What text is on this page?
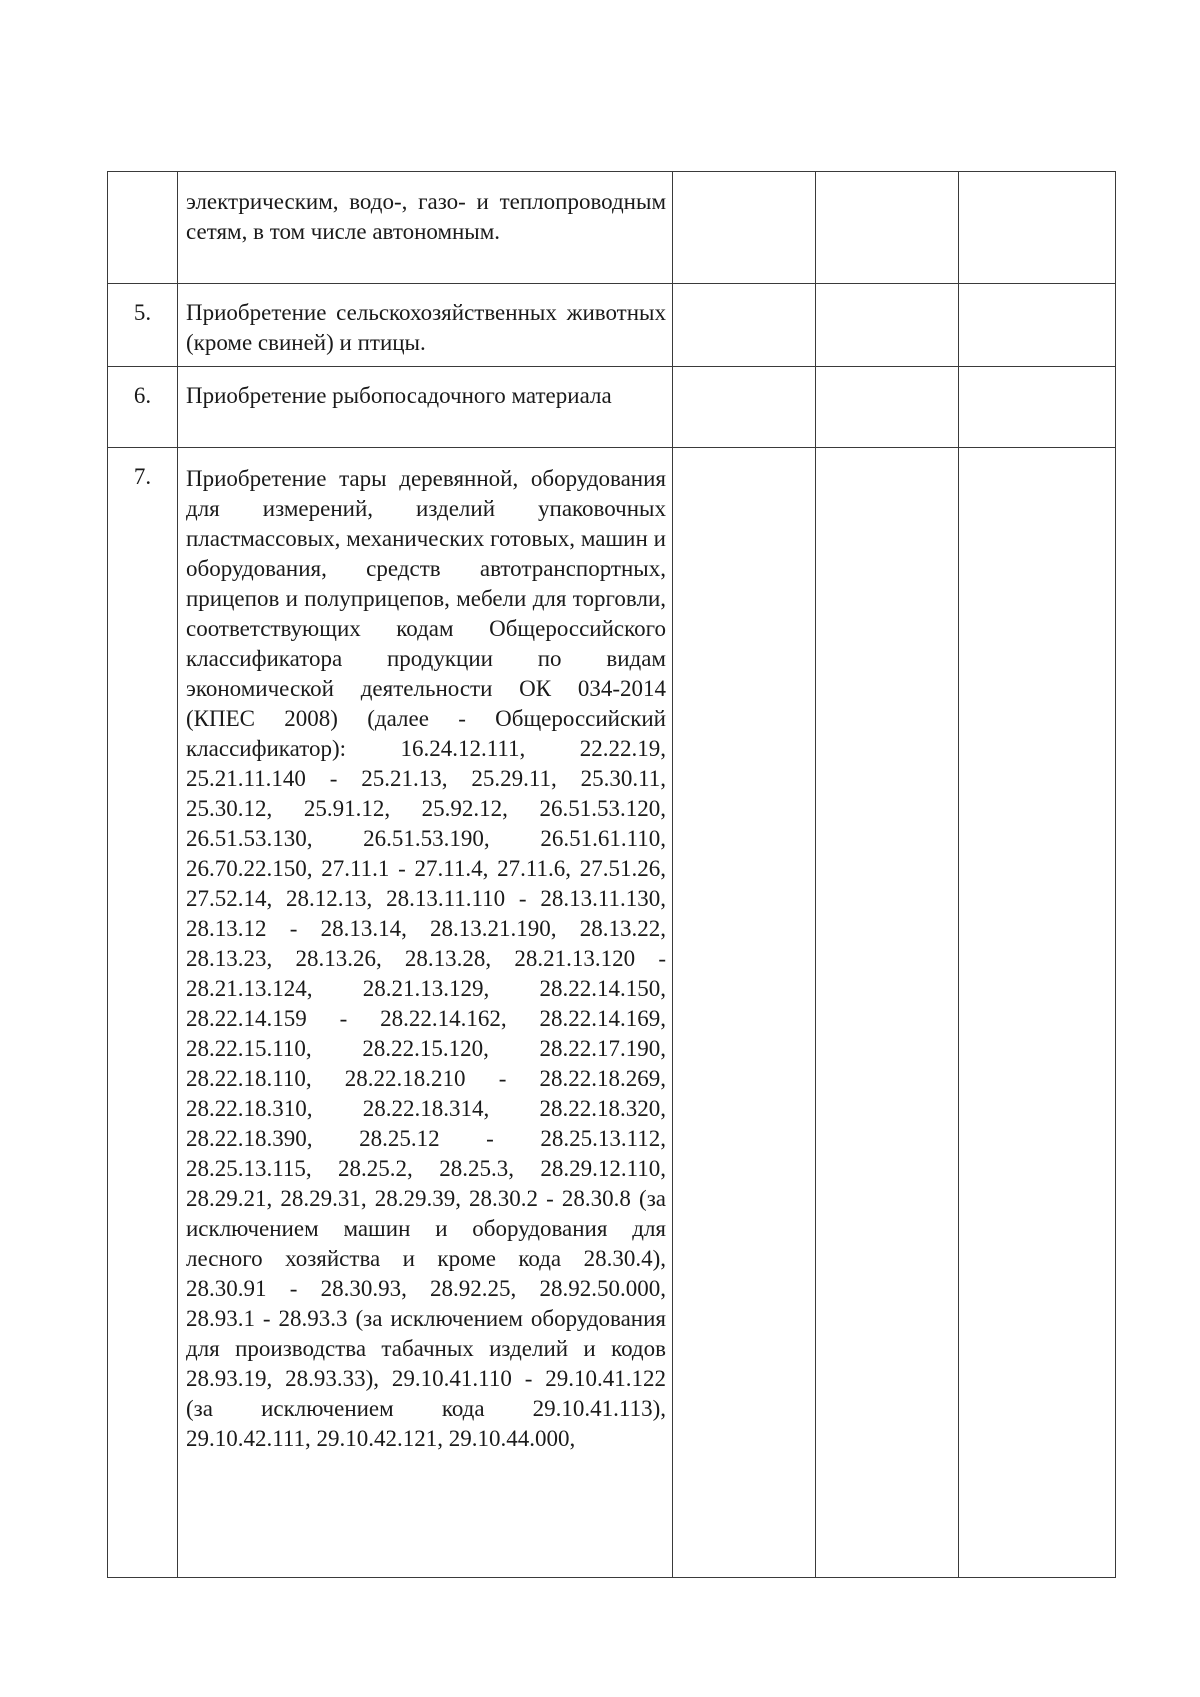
	электрическим, водо-, газо- и теплопроводным сетям, в том числе автономным.			
5.	Приобретение сельскохозяйственных животных (кроме свиней) и птицы.			
6.	Приобретение рыбопосадочного материала			
7.	Приобретение тары деревянной, оборудования для измерений, изделий упаковочных пластмассовых, механических готовых, машин и оборудования, средств автотранспортных, прицепов и полуприцепов, мебели для торговли, соответствующих кодам Общероссийского классификатора продукции по видам экономической деятельности ОК 034-2014 (КПЕС 2008) (далее - Общероссийский классификатор): 16.24.12.111, 22.22.19, 25.21.11.140 - 25.21.13, 25.29.11, 25.30.11, 25.30.12, 25.91.12, 25.92.12, 26.51.53.120, 26.51.53.130, 26.51.53.190, 26.51.61.110, 26.70.22.150, 27.11.1 - 27.11.4, 27.11.6, 27.51.26, 27.52.14, 28.12.13, 28.13.11.110 - 28.13.11.130, 28.13.12 - 28.13.14, 28.13.21.190, 28.13.22, 28.13.23, 28.13.26, 28.13.28, 28.21.13.120 - 28.21.13.124, 28.21.13.129, 28.22.14.150, 28.22.14.159 - 28.22.14.162, 28.22.14.169, 28.22.15.110, 28.22.15.120, 28.22.17.190, 28.22.18.110, 28.22.18.210 - 28.22.18.269, 28.22.18.310, 28.22.18.314, 28.22.18.320, 28.22.18.390, 28.25.12 - 28.25.13.112, 28.25.13.115, 28.25.2, 28.25.3, 28.29.12.110, 28.29.21, 28.29.31, 28.29.39, 28.30.2 - 28.30.8 (за исключением машин и оборудования для лесного хозяйства и кроме кода 28.30.4), 28.30.91 - 28.30.93, 28.92.25, 28.92.50.000, 28.93.1 - 28.93.3 (за исключением оборудования для производства табачных изделий и кодов 28.93.19, 28.93.33), 29.10.41.110 - 29.10.41.122 (за исключением кода 29.10.41.113), 29.10.42.111, 29.10.42.121, 29.10.44.000,			
